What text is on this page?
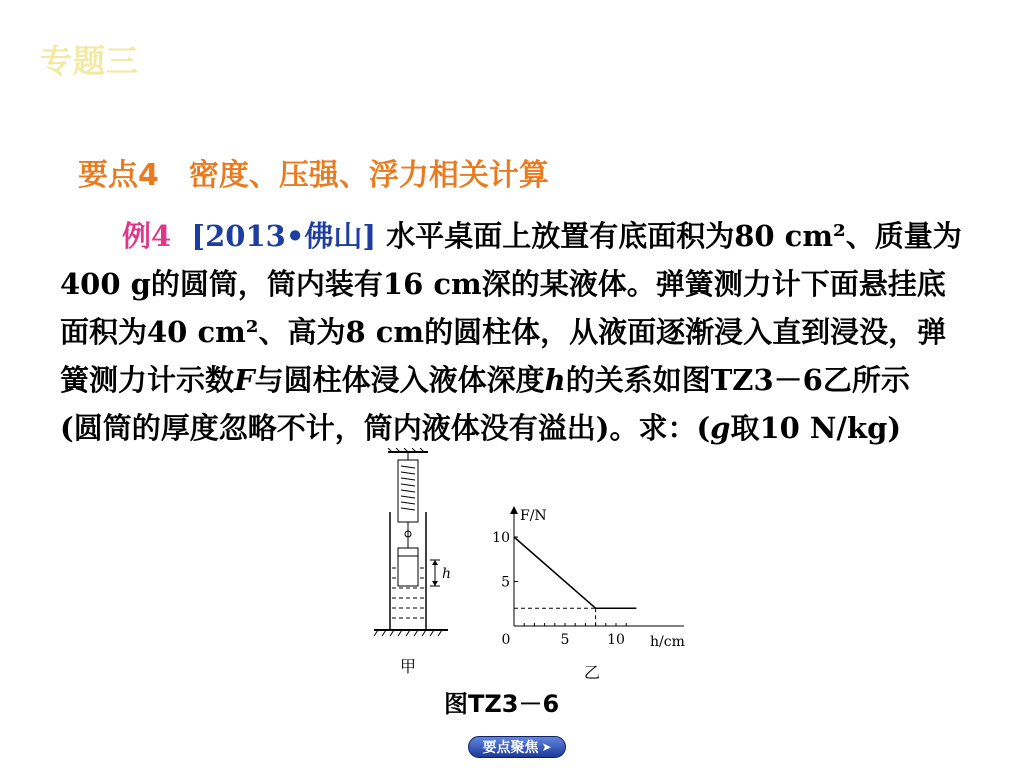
专题三
要点4　密度、压强、浮力相关计算
例4 [2013•佛山] 水平桌面上放置有底面积为80 cm²、质量为
400 g的圆筒，筒内装有16 cm深的某液体。弹簧测力计下面悬挂底
面积为40 cm²、高为8 cm的圆柱体，从液面逐渐浸入直到浸没，弹
簧测力计示数F与圆柱体浸入液体深度h的关系如图TZ3－6乙所示
(圆筒的厚度忽略不计，筒内液体没有溢出)。求：(g取10 N/kg)
h
甲
F/N
h/cm
10
5
0	5	10
乙
图TZ3－6
要点聚焦 ➤
